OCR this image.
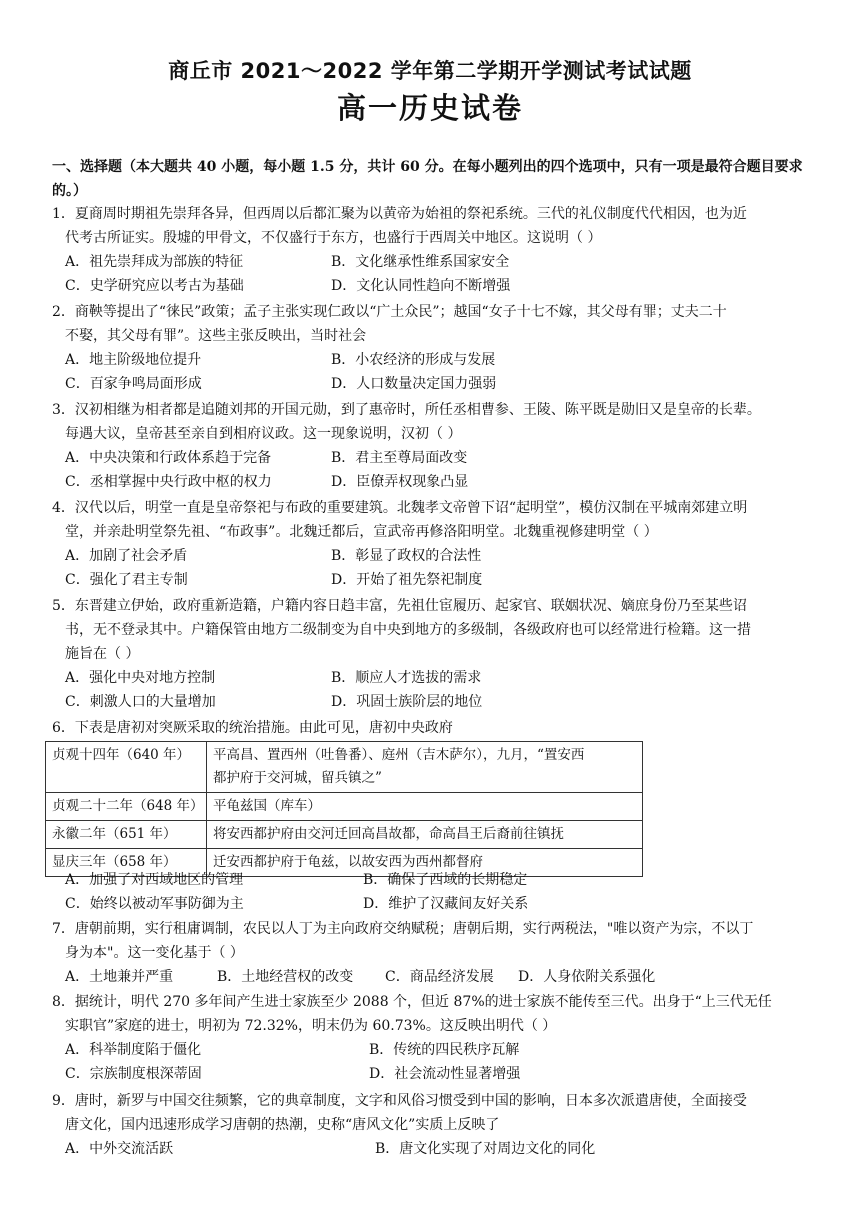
商丘市 2021～2022 学年第二学期开学测试考试试题
高一历史试卷
一、选择题（本大题共 40 小题，每小题 1.5 分，共计 60 分。在每小题列出的四个选项中，只有一项是最符合题目要求的。）
1．夏商周时期祖先崇拜各异，但西周以后都汇聚为以黄帝为始祖的祭祀系统。三代的礼仪制度代代相因，也为近
代考古所证实。殷墟的甲骨文，不仅盛行于东方，也盛行于西周关中地区。这说明（ ）
A．祖先崇拜成为部族的特征	B．文化继承性维系国家安全
C．史学研究应以考古为基础	D．文化认同性趋向不断增强
2．商鞅等提出了“徕民”政策；孟子主张实现仁政以“广土众民”；越国“女子十七不嫁，其父母有罪；丈夫二十
不娶，其父母有罪”。这些主张反映出，当时社会
A．地主阶级地位提升	B．小农经济的形成与发展
C．百家争鸣局面形成	D．人口数量决定国力强弱
3．汉初相继为相者都是追随刘邦的开国元勋，到了惠帝时，所任丞相曹参、王陵、陈平既是勋旧又是皇帝的长辈。
每遇大议，皇帝甚至亲自到相府议政。这一现象说明，汉初（ ）
A．中央决策和行政体系趋于完备	B．君主至尊局面改变
C．丞相掌握中央行政中枢的权力	D．臣僚弄权现象凸显
4．汉代以后，明堂一直是皇帝祭祀与布政的重要建筑。北魏孝文帝曾下诏“起明堂”，模仿汉制在平城南郊建立明
堂，并亲赴明堂祭先祖、“布政事”。北魏迁都后，宣武帝再修洛阳明堂。北魏重视修建明堂（ ）
A．加剧了社会矛盾	B．彰显了政权的合法性
C．强化了君主专制	D．开始了祖先祭祀制度
5．东晋建立伊始，政府重新造籍，户籍内容日趋丰富，先祖仕宦履历、起家官、联姻状况、嫡庶身份乃至某些诏
书，无不登录其中。户籍保管由地方二级制变为自中央到地方的多级制，各级政府也可以经常进行检籍。这一措
施旨在（ ）
A．强化中央对地方控制	B．顺应人才选拔的需求
C．刺激人口的大量增加	D．巩固士族阶层的地位
6．下表是唐初对突厥采取的统治措施。由此可见，唐初中央政府
贞观十四年（640 年）	平高昌、置西州（吐鲁番）、庭州（吉木萨尔），九月，“置安西
都护府于交河城，留兵镇之”

贞观二十二年（648 年）	平龟兹国（库车）
永徽二年（651 年）	将安西都护府由交河迁回高昌故都，命高昌王后裔前往镇抚
显庆三年（658 年）	迁安西都护府于龟兹，以故安西为西州都督府
A．加强了对西域地区的管理	B．确保了西域的长期稳定
C．始终以被动军事防御为主	D．维护了汉藏间友好关系
7．唐朝前期，实行租庸调制，农民以人丁为主向政府交纳赋税；唐朝后期，实行两税法，"唯以资产为宗，不以丁
身为本"。这一变化基于（ ）
A．土地兼并严重	B．土地经营权的改变 C．商品经济发展 D．人身依附关系强化
8．据统计，明代 270 多年间产生进士家族至少 2088 个，但近 87%的进士家族不能传至三代。出身于“上三代无任
实职官”家庭的进士，明初为 72.32%，明末仍为 60.73%。这反映出明代（ ）
A．科举制度陷于僵化	B．传统的四民秩序瓦解
C．宗族制度根深蒂固	D．社会流动性显著增强
9．唐时，新罗与中国交往频繁，它的典章制度，文字和风俗习惯受到中国的影响，日本多次派遣唐使，全面接受
唐文化，国内迅速形成学习唐朝的热潮，史称“唐风文化”实质上反映了
A．中外交流活跃	B．唐文化实现了对周边文化的同化
